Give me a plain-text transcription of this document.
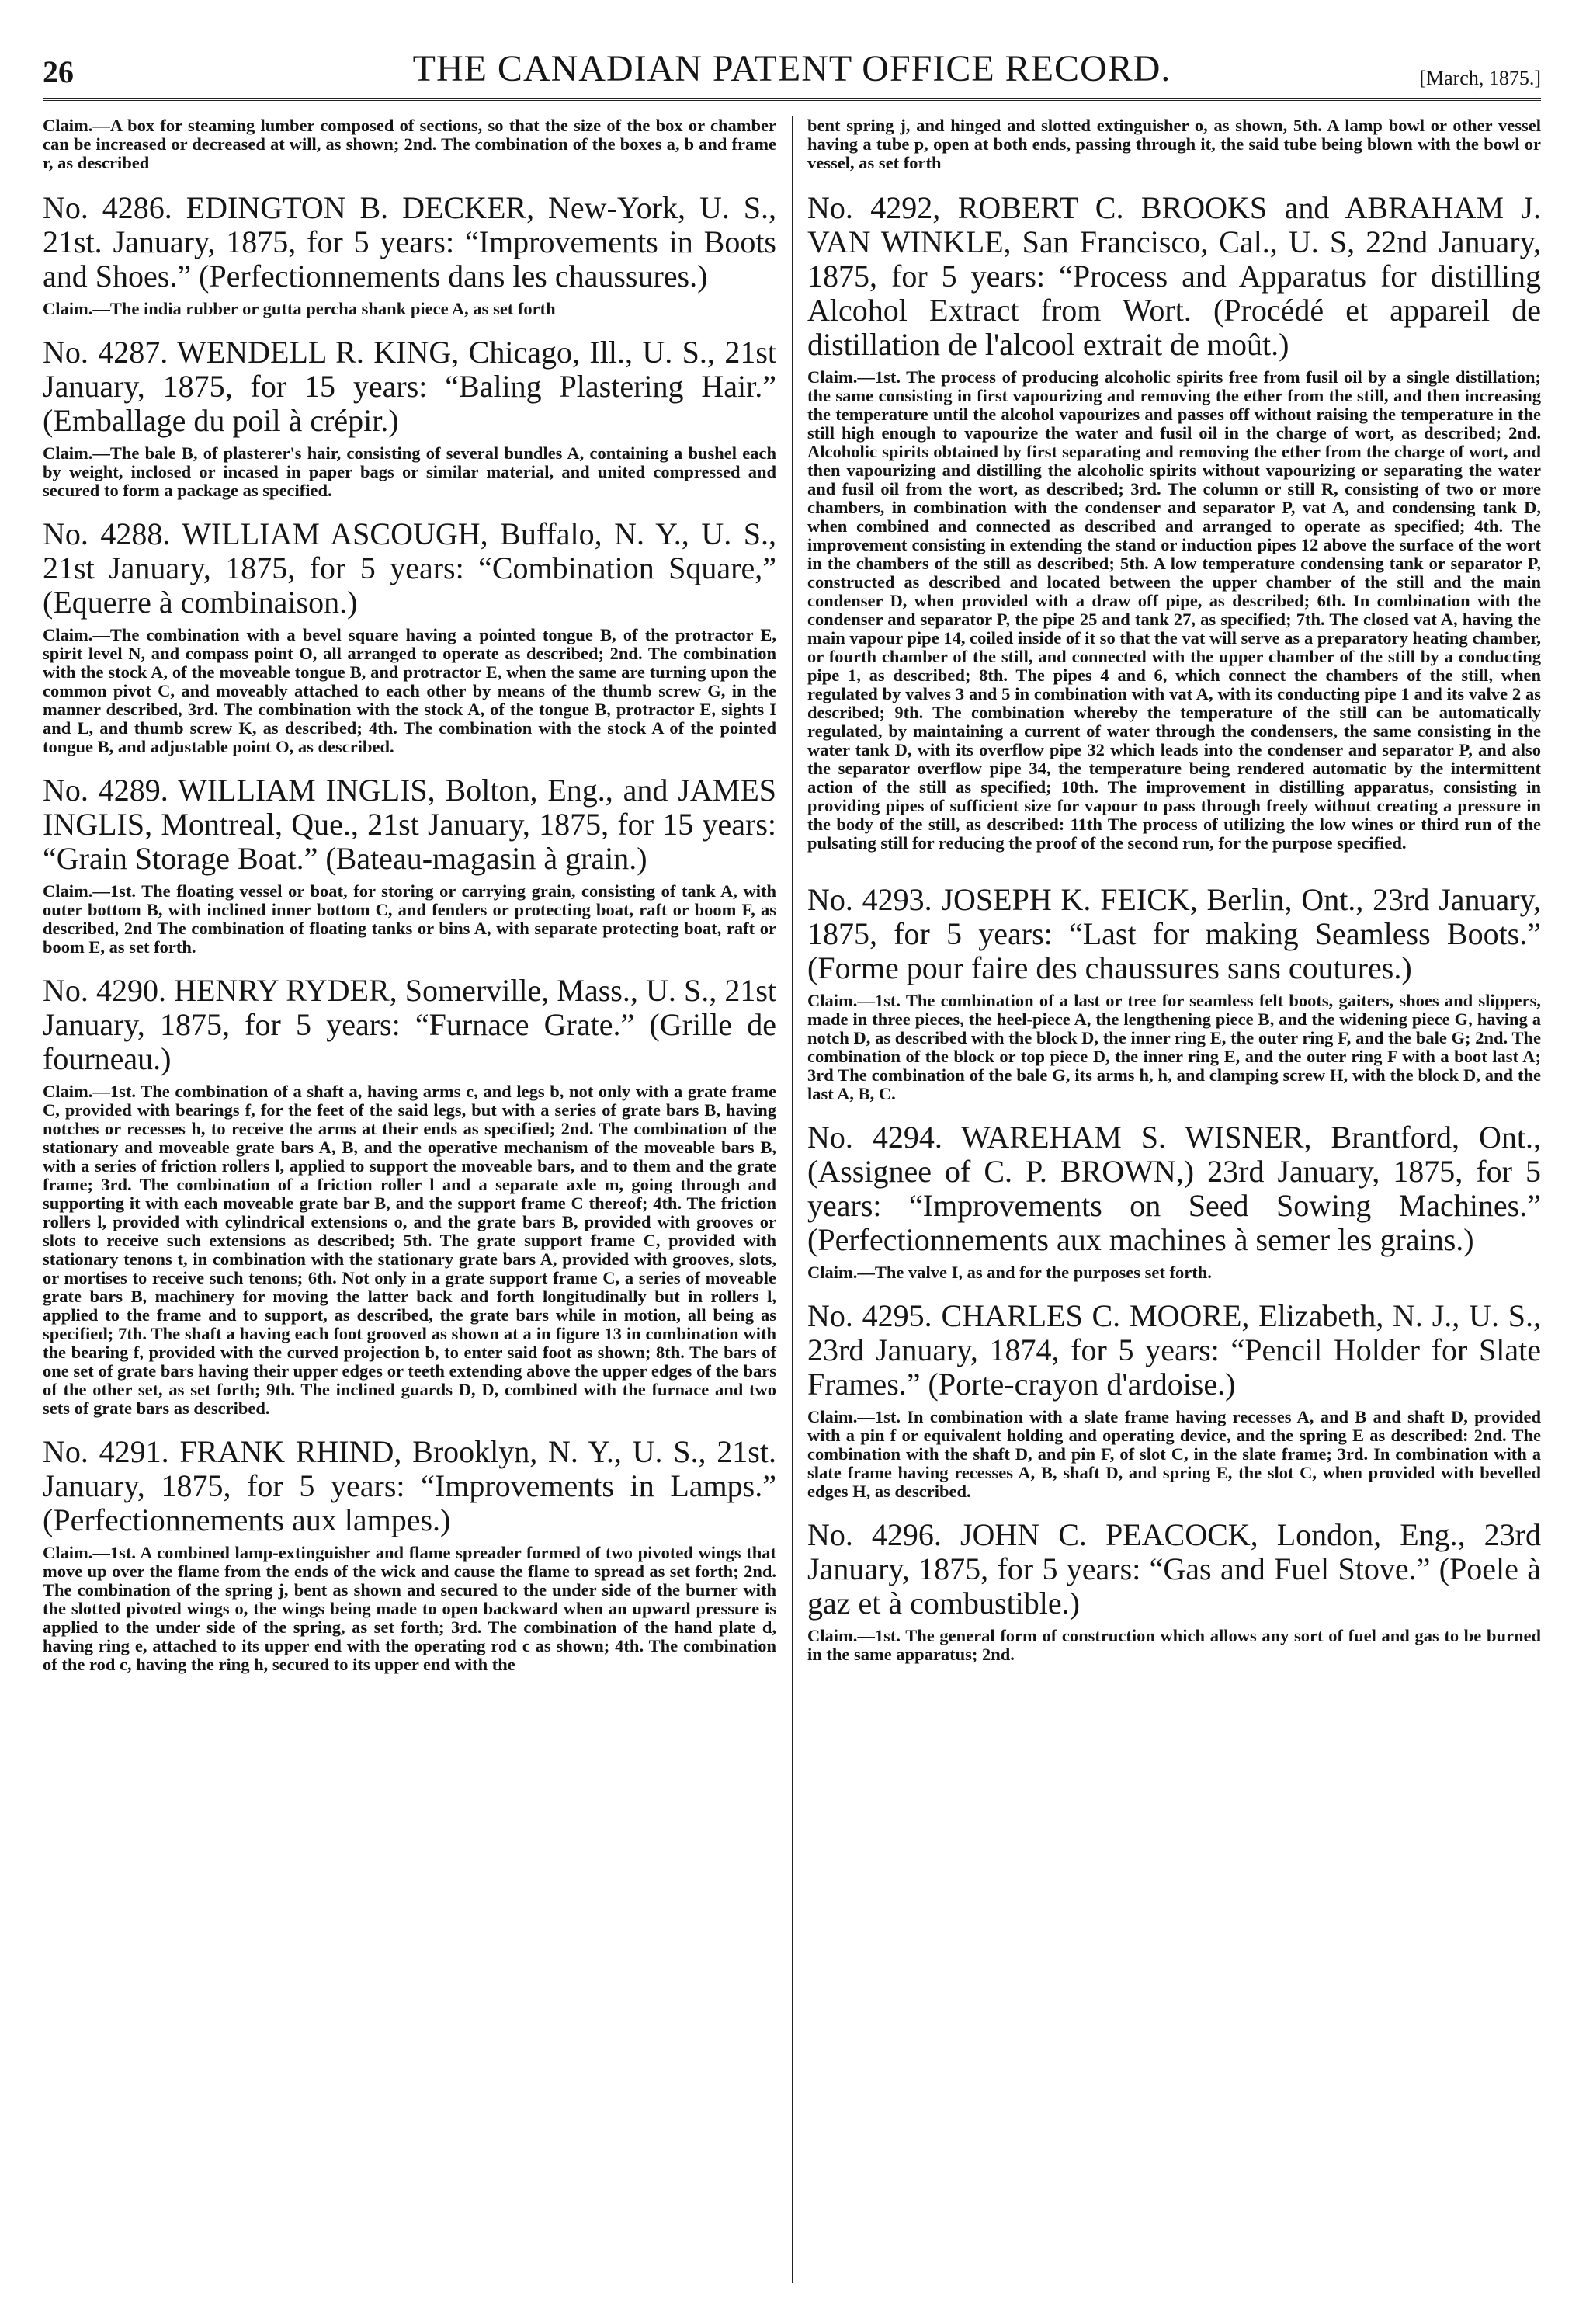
26	THE CANADIAN PATENT OFFICE RECORD.	[March, 1875.]

Claim.—A box for steaming lumber composed of sections, so that the size of the box or chamber can be increased or decreased at will, as shown; 2nd. The combination of the boxes a, b and frame r, as described

No. 4286. EDINGTON B. DECKER, New-York, U. S., 21st. January, 1875, for 5 years: “Improvements in Boots and Shoes.” (Perfectionnements dans les chaussures.)

Claim.—The india rubber or gutta percha shank piece A, as set forth

No. 4287. WENDELL R. KING, Chicago, Ill., U. S., 21st January, 1875, for 15 years: “Baling Plastering Hair.” (Emballage du poil à crépir.)

Claim.—The bale B, of plasterer's hair, consisting of several bundles A, containing a bushel each by weight, inclosed or incased in paper bags or similar material, and united compressed and secured to form a package as specified.

No. 4288. WILLIAM ASCOUGH, Buffalo, N. Y., U. S., 21st January, 1875, for 5 years: “Combination Square,” (Equerre à combinaison.)

Claim.—The combination with a bevel square having a pointed tongue B, of the protractor E, spirit level N, and compass point O, all arranged to operate as described; 2nd. The combination with the stock A, of the moveable tongue B, and protractor E, when the same are turning upon the common pivot C, and moveably attached to each other by means of the thumb screw G, in the manner described, 3rd. The combination with the stock A, of the tongue B, protractor E, sights I and L, and thumb screw K, as described; 4th. The combination with the stock A of the pointed tongue B, and adjustable point O, as described.

No. 4289. WILLIAM INGLIS, Bolton, Eng., and JAMES INGLIS, Montreal, Que., 21st January, 1875, for 15 years: “Grain Storage Boat.” (Bateau-magasin à grain.)

Claim.—1st. The floating vessel or boat, for storing or carrying grain, consisting of tank A, with outer bottom B, with inclined inner bottom C, and fenders or protecting boat, raft or boom F, as described, 2nd The combination of floating tanks or bins A, with separate protecting boat, raft or boom E, as set forth.

No. 4290. HENRY RYDER, Somerville, Mass., U. S., 21st January, 1875, for 5 years: “Furnace Grate.” (Grille de fourneau.)

Claim.—1st. The combination of a shaft a, having arms c, and legs b, not only with a grate frame C, provided with bearings f, for the feet of the said legs, but with a series of grate bars B, having notches or recesses h, to receive the arms at their ends as specified; 2nd. The combination of the stationary and moveable grate bars A, B, and the operative mechanism of the moveable bars B, with a series of friction rollers l, applied to support the moveable bars, and to them and the grate frame; 3rd. The combination of a friction roller l and a separate axle m, going through and supporting it with each moveable grate bar B, and the support frame C thereof; 4th. The friction rollers l, provided with cylindrical extensions o, and the grate bars B, provided with grooves or slots to receive such extensions as described; 5th. The grate support frame C, provided with stationary tenons t, in combination with the stationary grate bars A, provided with grooves, slots, or mortises to receive such tenons; 6th. Not only in a grate support frame C, a series of moveable grate bars B, machinery for moving the latter back and forth longitudinally but in rollers l, applied to the frame and to support, as described, the grate bars while in motion, all being as specified; 7th. The shaft a having each foot grooved as shown at a in figure 13 in combination with the bearing f, provided with the curved projection b, to enter said foot as shown; 8th. The bars of one set of grate bars having their upper edges or teeth extending above the upper edges of the bars of the other set, as set forth; 9th. The inclined guards D, D, combined with the furnace and two sets of grate bars as described.

No. 4291. FRANK RHIND, Brooklyn, N. Y., U. S., 21st. January, 1875, for 5 years: “Improvements in Lamps.” (Perfectionnements aux lampes.)

Claim.—1st. A combined lamp-extinguisher and flame spreader formed of two pivoted wings that move up over the flame from the ends of the wick and cause the flame to spread as set forth; 2nd. The combination of the spring j, bent as shown and secured to the under side of the burner with the slotted pivoted wings o, the wings being made to open backward when an upward pressure is applied to the under side of the spring, as set forth; 3rd. The combination of the hand plate d, having ring e, attached to its upper end with the operating rod c as shown; 4th. The combination of the rod c, having the ring h, secured to its upper end with the

bent spring j, and hinged and slotted extinguisher o, as shown, 5th. A lamp bowl or other vessel having a tube p, open at both ends, passing through it, the said tube being blown with the bowl or vessel, as set forth

No. 4292, ROBERT C. BROOKS and ABRAHAM J. VAN WINKLE, San Francisco, Cal., U. S, 22nd January, 1875, for 5 years: “Process and Apparatus for distilling Alcohol Extract from Wort. (Procédé et appareil de distillation de l'alcool extrait de moût.)

Claim.—1st. The process of producing alcoholic spirits free from fusil oil by a single distillation; the same consisting in first vapourizing and removing the ether from the still, and then increasing the temperature until the alcohol vapourizes and passes off without raising the temperature in the still high enough to vapourize the water and fusil oil in the charge of wort, as described; 2nd. Alcoholic spirits obtained by first separating and removing the ether from the charge of wort, and then vapourizing and distilling the alcoholic spirits without vapourizing or separating the water and fusil oil from the wort, as described; 3rd. The column or still R, consisting of two or more chambers, in combination with the condenser and separator P, vat A, and condensing tank D, when combined and connected as described and arranged to operate as specified; 4th. The improvement consisting in extending the stand or induction pipes 12 above the surface of the wort in the chambers of the still as described; 5th. A low temperature condensing tank or separator P, constructed as described and located between the upper chamber of the still and the main condenser D, when provided with a draw off pipe, as described; 6th. In combination with the condenser and separator P, the pipe 25 and tank 27, as specified; 7th. The closed vat A, having the main vapour pipe 14, coiled inside of it so that the vat will serve as a preparatory heating chamber, or fourth chamber of the still, and connected with the upper chamber of the still by a conducting pipe 1, as described; 8th. The pipes 4 and 6, which connect the chambers of the still, when regulated by valves 3 and 5 in combination with vat A, with its conducting pipe 1 and its valve 2 as described; 9th. The combination whereby the temperature of the still can be automatically regulated, by maintaining a current of water through the condensers, the same consisting in the water tank D, with its overflow pipe 32 which leads into the condenser and separator P, and also the separator overflow pipe 34, the temperature being rendered automatic by the intermittent action of the still as specified; 10th. The improvement in distilling apparatus, consisting in providing pipes of sufficient size for vapour to pass through freely without creating a pressure in the body of the still, as described: 11th The process of utilizing the low wines or third run of the pulsating still for reducing the proof of the second run, for the purpose specified.

No. 4293. JOSEPH K. FEICK, Berlin, Ont., 23rd January, 1875, for 5 years: “Last for making Seamless Boots.” (Forme pour faire des chaussures sans coutures.)

Claim.—1st. The combination of a last or tree for seamless felt boots, gaiters, shoes and slippers, made in three pieces, the heel-piece A, the lengthening piece B, and the widening piece G, having a notch D, as described with the block D, the inner ring E, the outer ring F, and the bale G; 2nd. The combination of the block or top piece D, the inner ring E, and the outer ring F with a boot last A; 3rd The combination of the bale G, its arms h, h, and clamping screw H, with the block D, and the last A, B, C.

No. 4294. WAREHAM S. WISNER, Brantford, Ont., (Assignee of C. P. BROWN,) 23rd January, 1875, for 5 years: “Improvements on Seed Sowing Machines.” (Perfectionnements aux machines à semer les grains.)

Claim.—The valve I, as and for the purposes set forth.

No. 4295. CHARLES C. MOORE, Elizabeth, N. J., U. S., 23rd January, 1874, for 5 years: “Pencil Holder for Slate Frames.” (Porte-crayon d'ardoise.)

Claim.—1st. In combination with a slate frame having recesses A, and B and shaft D, provided with a pin f or equivalent holding and operating device, and the spring E as described: 2nd. The combination with the shaft D, and pin F, of slot C, in the slate frame; 3rd. In combination with a slate frame having recesses A, B, shaft D, and spring E, the slot C, when provided with bevelled edges H, as described.

No. 4296. JOHN C. PEACOCK, London, Eng., 23rd January, 1875, for 5 years: “Gas and Fuel Stove.” (Poele à gaz et à combustible.)

Claim.—1st. The general form of construction which allows any sort of fuel and gas to be burned in the same apparatus; 2nd.
